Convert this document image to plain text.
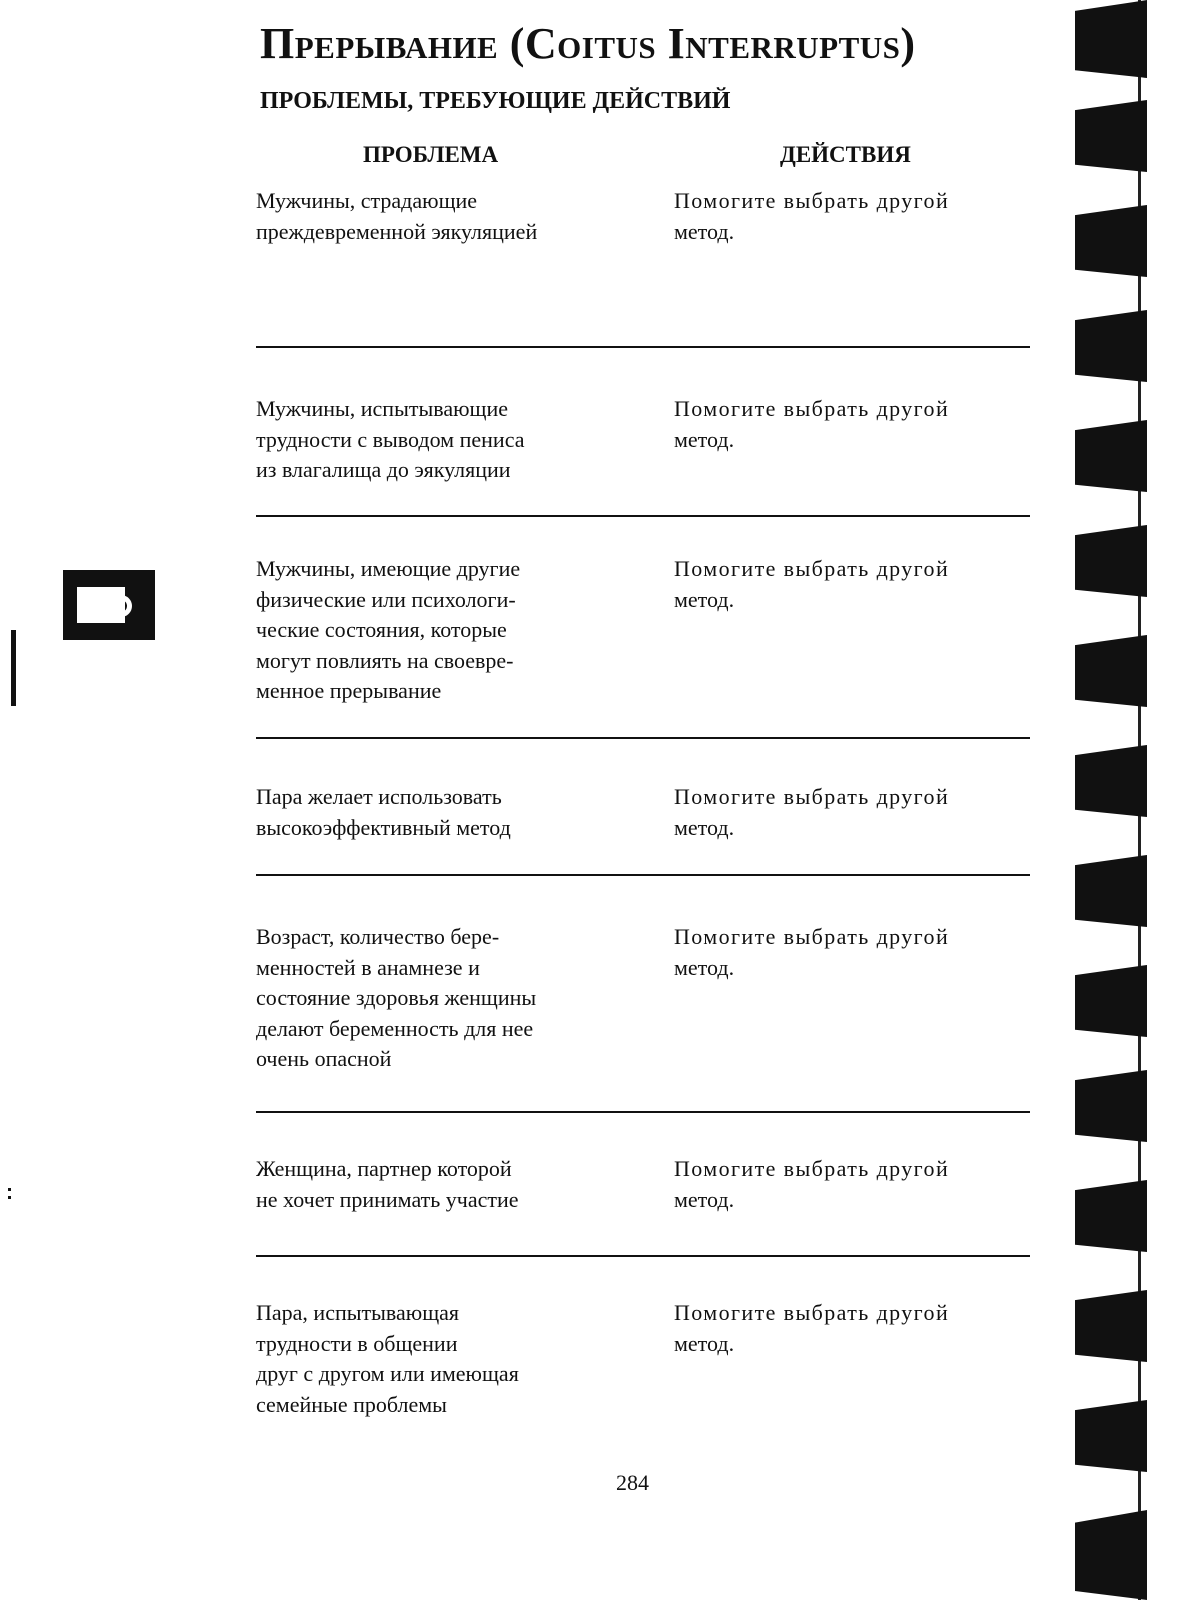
Прерывание (Coitus Interruptus)
ПРОБЛЕМЫ, ТРЕБУЮЩИЕ ДЕЙСТВИЙ
ПРОБЛЕМА	ДЕЙСТВИЯ
Мужчины, страдающие
преждевременной эякуляцией
Помогите выбрать другой
метод.
Мужчины, испытывающие
трудности с выводом пениса
из влагалища до эякуляции
Помогите выбрать другой
метод.
Мужчины, имеющие другие
физические или психологи-
ческие состояния, которые
могут повлиять на своевре-
менное прерывание
Помогите выбрать другой
метод.
Пара желает использовать
высокоэффективный метод
Помогите выбрать другой
метод.
Возраст, количество бере-
менностей в анамнезе и
состояние здоровья женщины
делают беременность для нее
очень опасной
Помогите выбрать другой
метод.
Женщина, партнер которой
не хочет принимать участие
Помогите выбрать другой
метод.
Пара, испытывающая
трудности в общении
друг с другом или имеющая
семейные проблемы
Помогите выбрать другой
метод.
284
